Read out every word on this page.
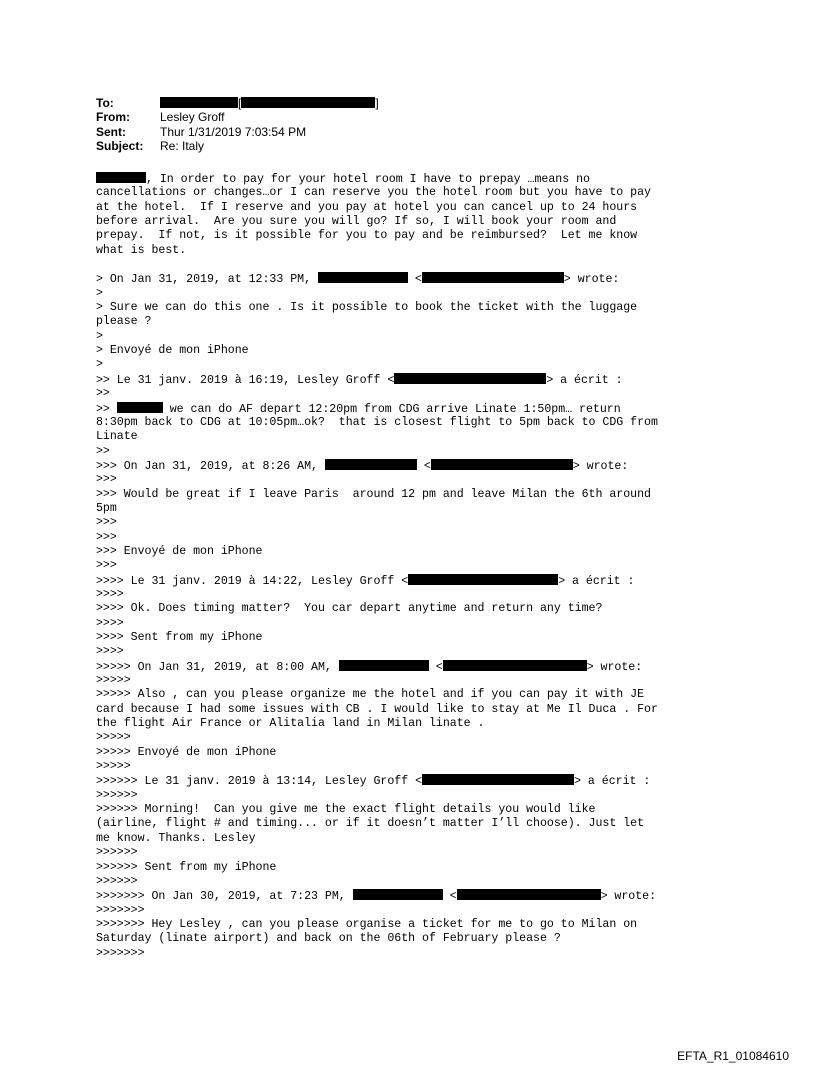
To:	[	]
From:	Lesley Groff
Sent:	Thur 1/31/2019 7:03:54 PM
Subject:	Re: Italy
, In order to pay for your hotel room I have to prepay …means no
cancellations or changes…or I can reserve you the hotel room but you have to pay
at the hotel.  If I reserve and you pay at hotel you can cancel up to 24 hours
before arrival.  Are you sure you will go? If so, I will book your room and
prepay.  If not, is it possible for you to pay and be reimbursed?  Let me know
what is best.
> On Jan 31, 2019, at 12:33 PM,	<	> wrote:
>
> Sure we can do this one . Is it possible to book the ticket with the luggage
please ?
>
> Envoyé de mon iPhone
>
>> Le 31 janv. 2019 à 16:19, Lesley Groff <	> a écrit :
>>
>>	we can do AF depart 12:20pm from CDG arrive Linate 1:50pm… return
8:30pm back to CDG at 10:05pm…ok?  that is closest flight to 5pm back to CDG from
Linate
>>
>>> On Jan 31, 2019, at 8:26 AM,	<	> wrote:
>>>
>>> Would be great if I leave Paris  around 12 pm and leave Milan the 6th around
5pm
>>>
>>>
>>> Envoyé de mon iPhone
>>>
>>>> Le 31 janv. 2019 à 14:22, Lesley Groff <	> a écrit :
>>>>
>>>> Ok. Does timing matter?  You car depart anytime and return any time?
>>>>
>>>> Sent from my iPhone
>>>>
>>>>> On Jan 31, 2019, at 8:00 AM,	<	> wrote:
>>>>>
>>>>> Also , can you please organize me the hotel and if you can pay it with JE
card because I had some issues with CB . I would like to stay at Me Il Duca . For
the flight Air France or Alitalia land in Milan linate .
>>>>>
>>>>> Envoyé de mon iPhone
>>>>>
>>>>>> Le 31 janv. 2019 à 13:14, Lesley Groff <	> a écrit :
>>>>>>
>>>>>> Morning!  Can you give me the exact flight details you would like
(airline, flight # and timing... or if it doesn’t matter I’ll choose). Just let
me know. Thanks. Lesley
>>>>>>
>>>>>> Sent from my iPhone
>>>>>>
>>>>>>> On Jan 30, 2019, at 7:23 PM,	<	> wrote:
>>>>>>>
>>>>>>> Hey Lesley , can you please organise a ticket for me to go to Milan on
Saturday (linate airport) and back on the 06th of February please ?
>>>>>>>
EFTA_R1_01084610
